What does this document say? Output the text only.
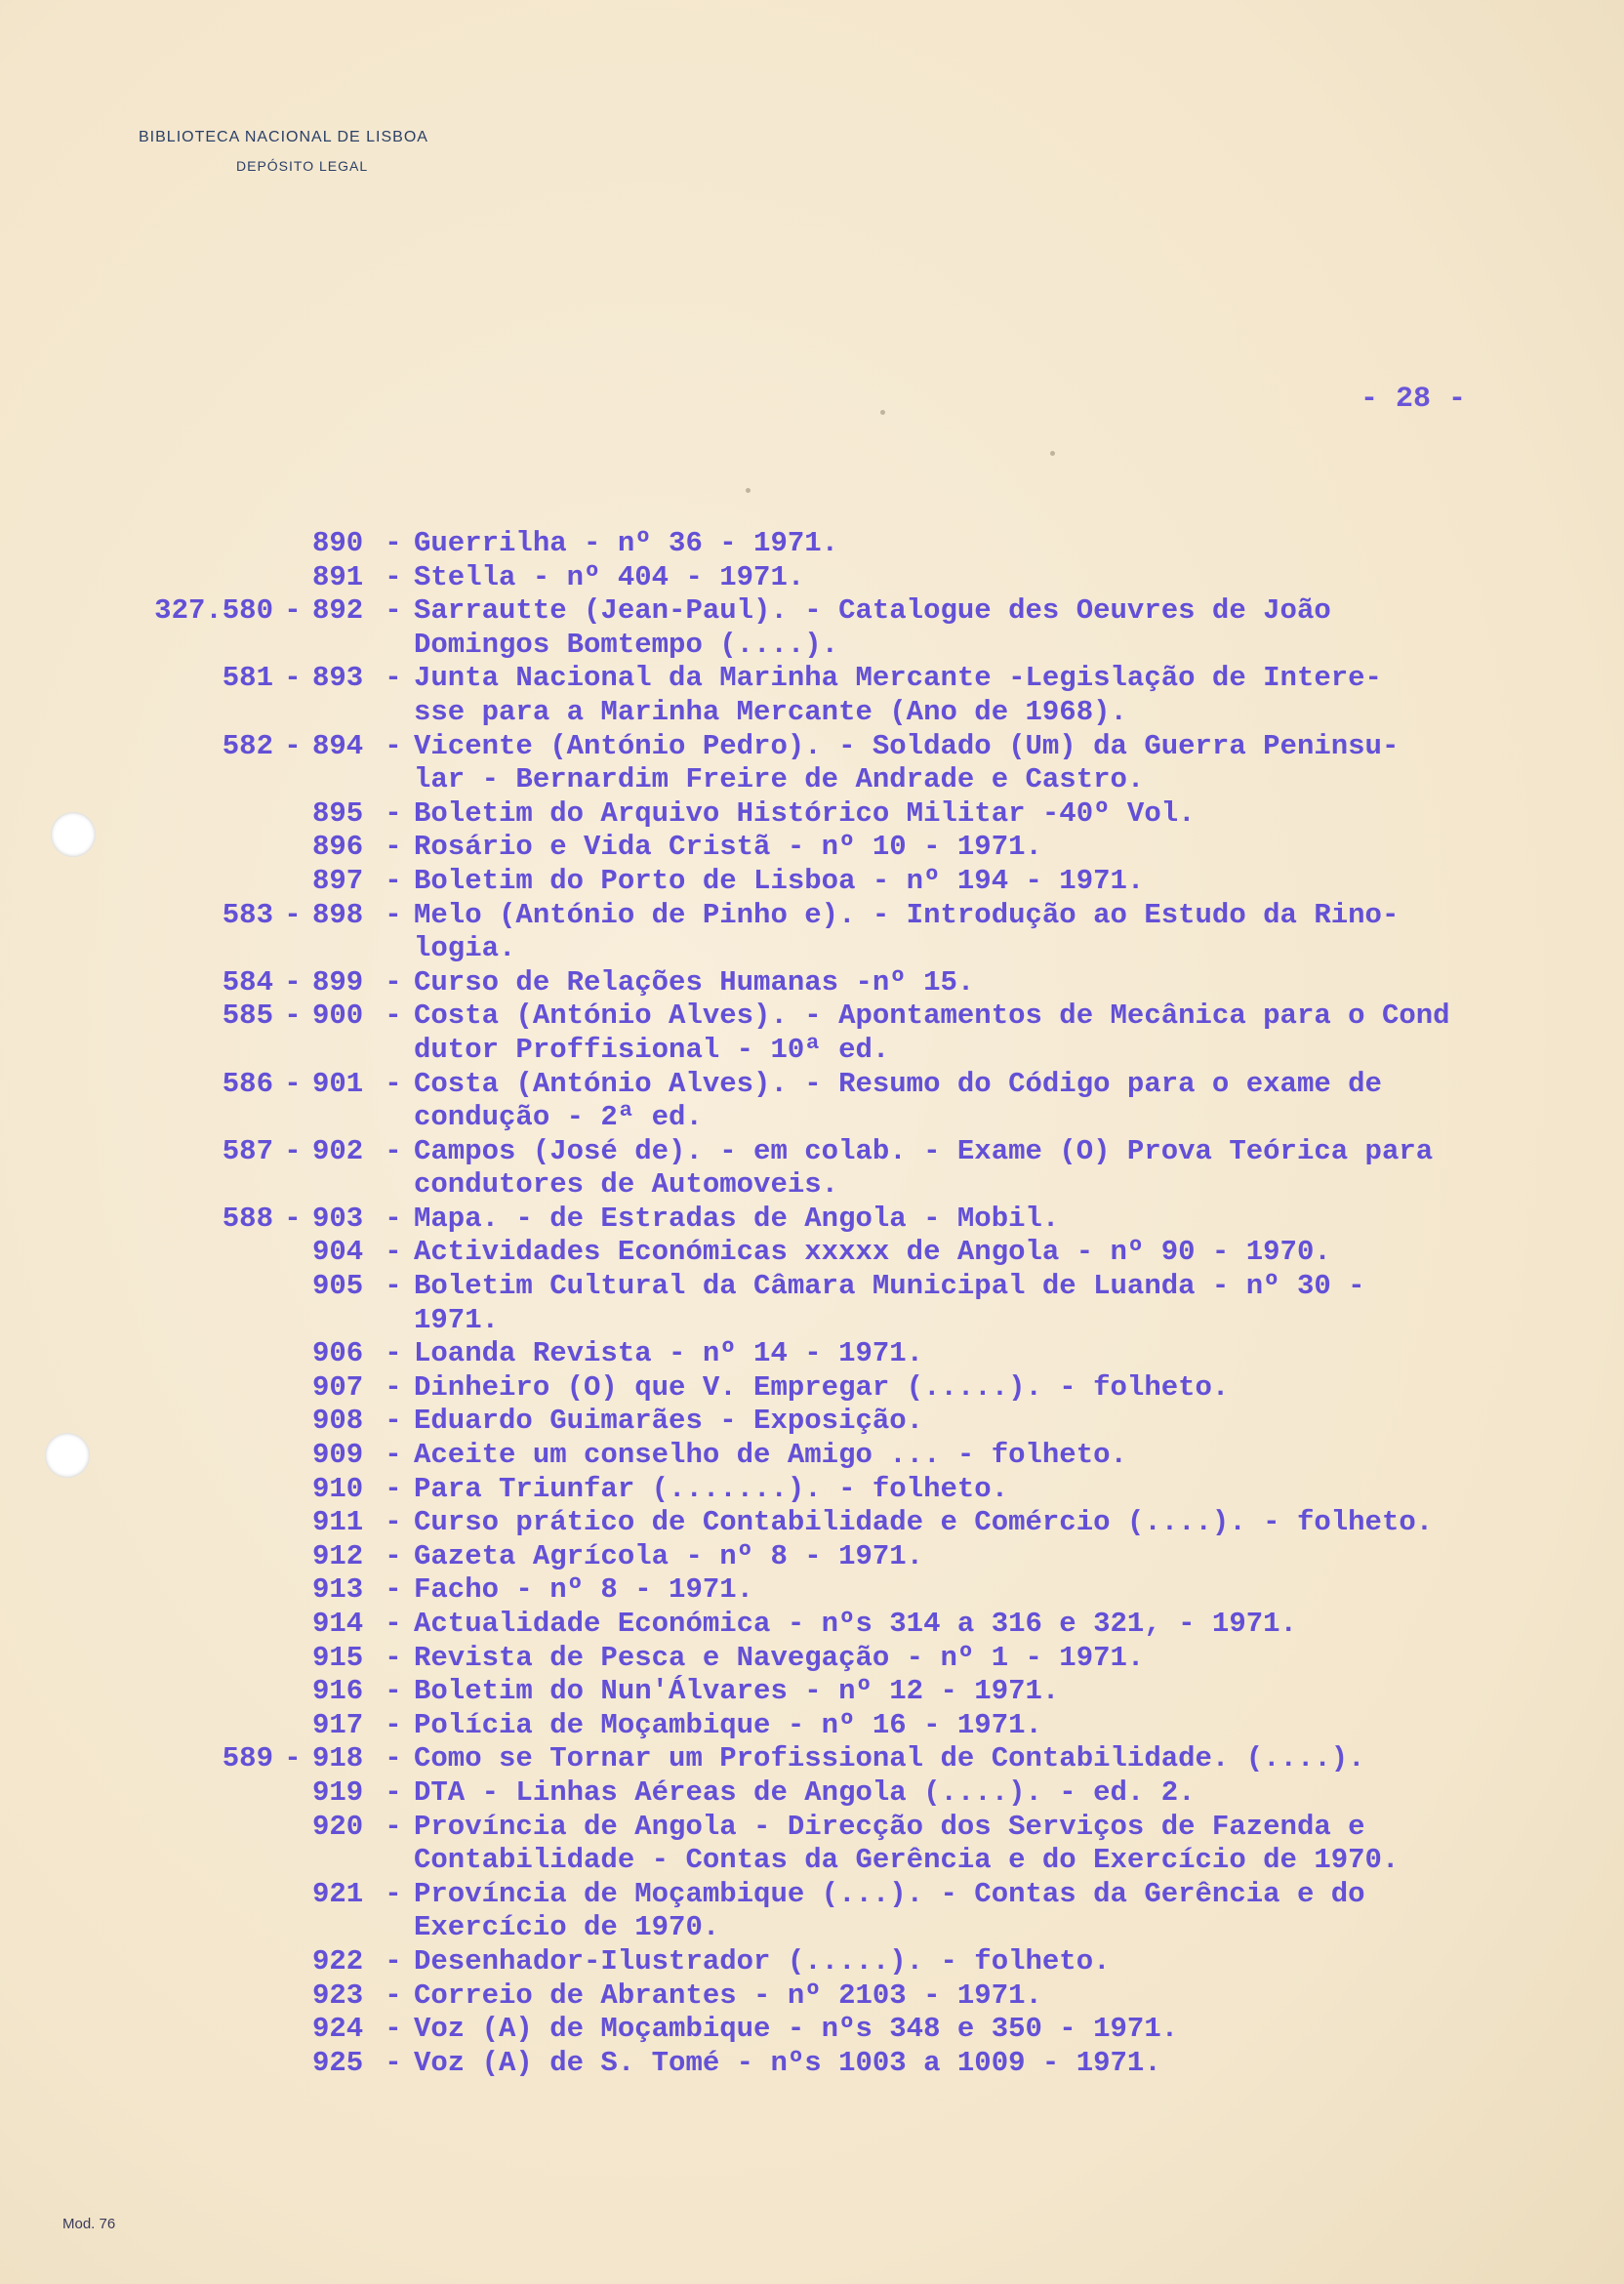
BIBLIOTECA NACIONAL DE LISBOA
DEPÓSITO LEGAL
- 28 -
890 - Guerrilha - nº 36 - 1971.
891 - Stella - nº 404 - 1971.
327.580 - 892 - Sarrautte (Jean-Paul). - Catalogue des Oeuvres de João
Domingos Bomtempo (....).
581 - 893 - Junta Nacional da Marinha Mercante -Legislação de Intere-
sse para a Marinha Mercante (Ano de 1968).
582 - 894 - Vicente (António Pedro). - Soldado (Um) da Guerra Peninsu-
lar - Bernardim Freire de Andrade e Castro.
895 - Boletim do Arquivo Histórico Militar -40º Vol.
896 - Rosário e Vida Cristã - nº 10 - 1971.
897 - Boletim do Porto de Lisboa - nº 194 - 1971.
583 - 898 - Melo (António de Pinho e). - Introdução ao Estudo da Rino-
logia.
584 - 899 - Curso de Relações Humanas -nº 15.
585 - 900 - Costa (António Alves). - Apontamentos de Mecânica para o Cond
dutor Proffisional - 10ª ed.
586 - 901 - Costa (António Alves). - Resumo do Código para o exame de
condução - 2ª ed.
587 - 902 - Campos (José de). - em colab. - Exame (O) Prova Teórica para
condutores de Automoveis.
588 - 903 - Mapa. - de Estradas de Angola - Mobil.
904 - Actividades Económicas xxxxx de Angola - nº 90 - 1970.
905 - Boletim Cultural da Câmara Municipal de Luanda - nº 30 -
1971.
906 - Loanda Revista - nº 14 - 1971.
907 - Dinheiro (O) que V. Empregar (.....). - folheto.
908 - Eduardo Guimarães - Exposição.
909 - Aceite um conselho de Amigo ... - folheto.
910 - Para Triunfar (.......). - folheto.
911 - Curso prático de Contabilidade e Comércio (....). - folheto.
912 - Gazeta Agrícola - nº 8 - 1971.
913 - Facho - nº 8 - 1971.
914 - Actualidade Económica - nºs 314 a 316 e 321, - 1971.
915 - Revista de Pesca e Navegação - nº 1 - 1971.
916 - Boletim do Nun'Álvares - nº 12 - 1971.
917 - Polícia de Moçambique - nº 16 - 1971.
589 - 918 - Como se Tornar um Profissional de Contabilidade. (....).
919 - DTA - Linhas Aéreas de Angola (....). - ed. 2.
920 - Província de Angola - Direcção dos Serviços de Fazenda e
Contabilidade - Contas da Gerência e do Exercício de 1970.
921 - Província de Moçambique (...). - Contas da Gerência e do
Exercício de 1970.
922 - Desenhador-Ilustrador (.....). - folheto.
923 - Correio de Abrantes - nº 2103 - 1971.
924 - Voz (A) de Moçambique - nºs 348 e 350 - 1971.
925 - Voz (A) de S. Tomé - nºs 1003 a 1009 - 1971.
Mod. 76
